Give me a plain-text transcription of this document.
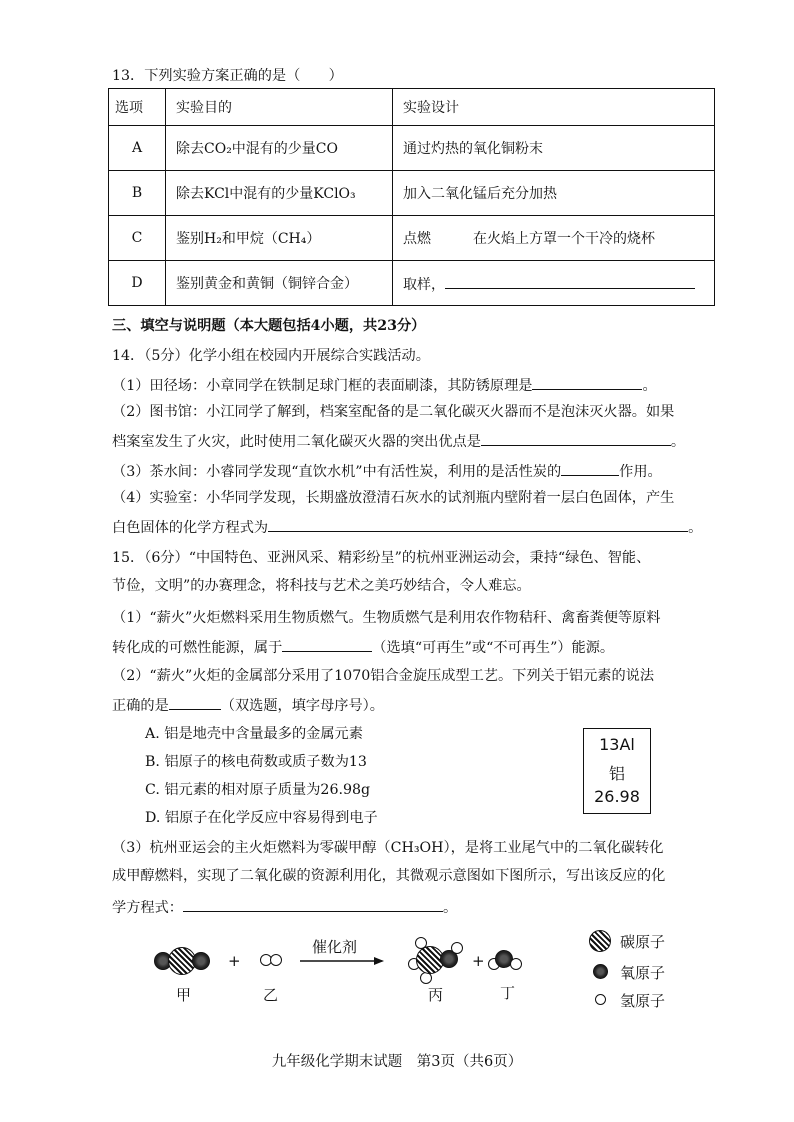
13．下列实验方案正确的是（　　）
选项	实验目的	实验设计
A	除去CO₂中混有的少量CO	通过灼热的氧化铜粉末
B	除去KCl中混有的少量KClO₃	加入二氧化锰后充分加热
C	鉴别H₂和甲烷（CH₄）	点燃　　　在火焰上方罩一个干冷的烧杯
D	鉴别黄金和黄铜（铜锌合金）	取样，
三、填空与说明题（本大题包括4小题，共23分）
14．（5分）化学小组在校园内开展综合实践活动。
（1）田径场：小章同学在铁制足球门框的表面刷漆，其防锈原理是	。
（2）图书馆：小江同学了解到，档案室配备的是二氧化碳灭火器而不是泡沫灭火器。如果
档案室发生了火灾，此时使用二氧化碳灭火器的突出优点是	。
（3）茶水间：小睿同学发现“直饮水机”中有活性炭，利用的是活性炭的	作用。
（4）实验室：小华同学发现，长期盛放澄清石灰水的试剂瓶内壁附着一层白色固体，产生
白色固体的化学方程式为	。
15．（6分）“中国特色、亚洲风采、精彩纷呈”的杭州亚洲运动会，秉持“绿色、智能、
节俭，文明”的办赛理念，将科技与艺术之美巧妙结合，令人难忘。
（1）“薪火”火炬燃料采用生物质燃气。生物质燃气是利用农作物秸秆、禽畜粪便等原料
转化成的可燃性能源，属于	（选填“可再生”或“不可再生”）能源。
（2）“薪火”火炬的金属部分采用了1070铝合金旋压成型工艺。下列关于铝元素的说法
正确的是	（双选题，填字母序号）。
A. 铝是地壳中含量最多的金属元素
B. 铝原子的核电荷数或质子数为13
C. 铝元素的相对原子质量为26.98g
D. 铝原子在化学反应中容易得到电子
13Al
铝
26.98
（3）杭州亚运会的主火炬燃料为零碳甲醇（CH₃OH），是将工业尾气中的二氧化碳转化
成甲醇燃料，实现了二氧化碳的资源利用化，其微观示意图如下图所示，写出该反应的化
学方程式：	。
甲
+
乙
催化剂
丙
+
丁
碳原子
氧原子
氢原子
九年级化学期末试题　第3页（共6页）
